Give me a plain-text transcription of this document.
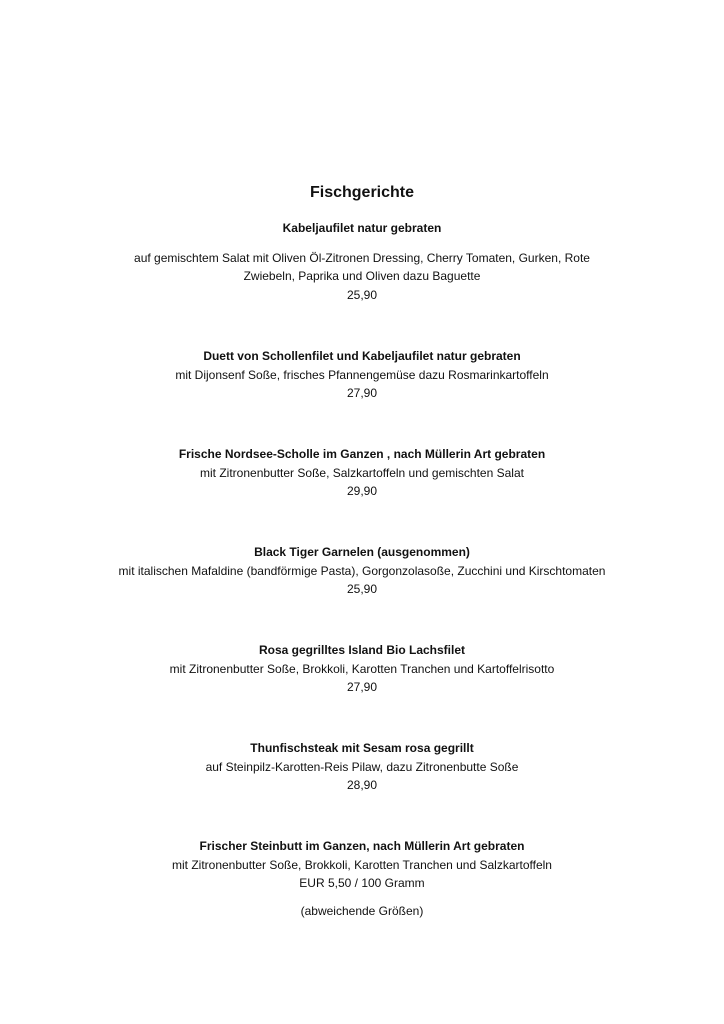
Fischgerichte
Kabeljaufilet natur gebraten
auf gemischtem Salat mit Oliven Öl-Zitronen Dressing, Cherry Tomaten, Gurken, Rote
Zwiebeln, Paprika und Oliven dazu Baguette
25,90
Duett von Schollenfilet und Kabeljaufilet natur gebraten
mit Dijonsenf Soße, frisches Pfannengemüse dazu Rosmarinkartoffeln
27,90
Frische Nordsee-Scholle im Ganzen , nach Müllerin Art gebraten
mit Zitronenbutter Soße, Salzkartoffeln und gemischten Salat
29,90
Black Tiger Garnelen (ausgenommen)
mit italischen Mafaldine (bandförmige Pasta), Gorgonzolasoße, Zucchini und Kirschtomaten
25,90
Rosa gegrilltes Island Bio Lachsfilet
mit Zitronenbutter Soße, Brokkoli, Karotten Tranchen und Kartoffelrisotto
27,90
Thunfischsteak mit Sesam rosa gegrillt
auf Steinpilz-Karotten-Reis Pilaw, dazu Zitronenbutte Soße
28,90
Frischer Steinbutt im Ganzen, nach Müllerin Art gebraten
mit Zitronenbutter Soße, Brokkoli, Karotten Tranchen und Salzkartoffeln
EUR 5,50 / 100 Gramm
(abweichende Größen)
